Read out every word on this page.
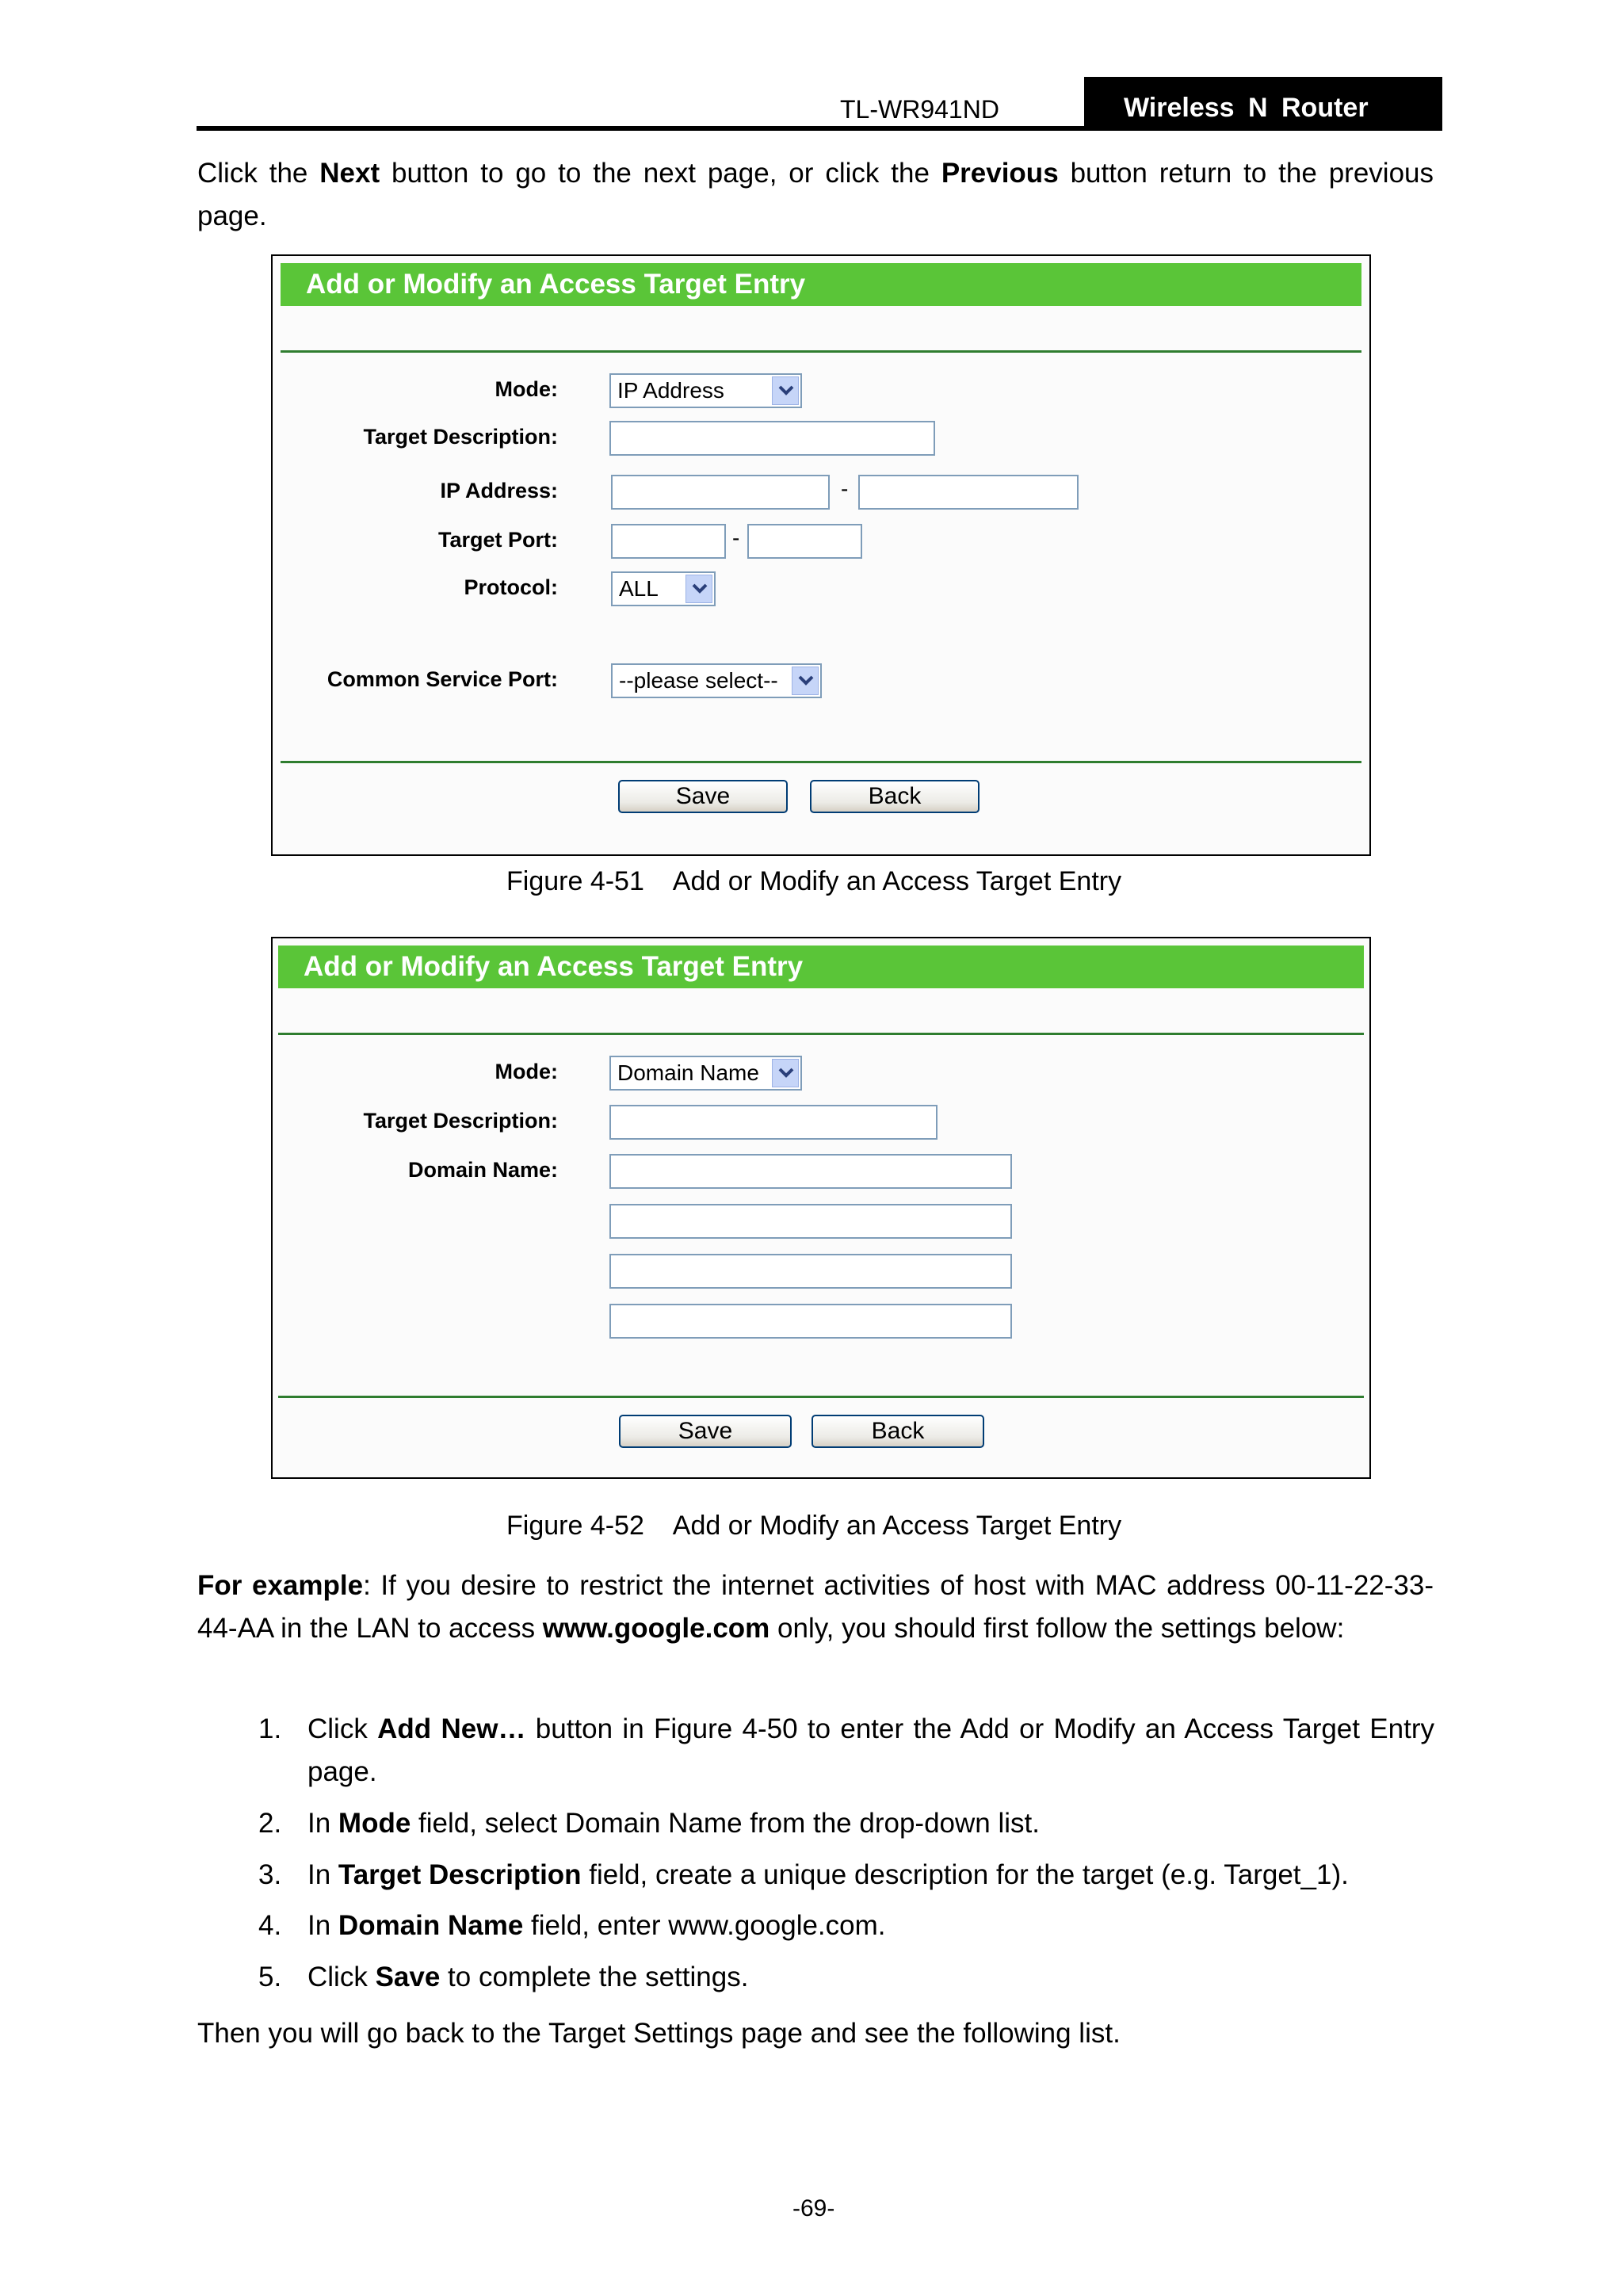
TL-WR941ND	Wireless N Router
Click the Next button to go to the next page, or click the Previous button return to the previous page.
Add or Modify an Access Target Entry
Mode:	IP Address
Target Description:
IP Address:	-
Target Port:	-
Protocol:	ALL
Common Service Port:	--please select--
Save	Back
Figure 4-51    Add or Modify an Access Target Entry
Add or Modify an Access Target Entry
Mode:	Domain Name
Target Description:
Domain Name:
Save	Back
Figure 4-52    Add or Modify an Access Target Entry
For example: If you desire to restrict the internet activities of host with MAC address 00-11-22-33-44-AA in the LAN to access www.google.com only, you should first follow the settings below:
1. Click Add New… button in Figure 4-50 to enter the Add or Modify an Access Target Entry page.
2. In Mode field, select Domain Name from the drop-down list.
3. In Target Description field, create a unique description for the target (e.g. Target_1).
4. In Domain Name field, enter www.google.com.
5. Click Save to complete the settings.
Then you will go back to the Target Settings page and see the following list.
-69-
